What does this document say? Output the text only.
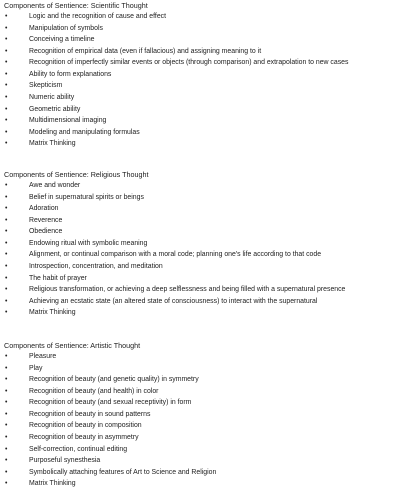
Components of Sentience: Scientific Thought

•	Logic and the recognition of cause and effect
•	Manipulation of symbols
•	Conceiving a timeline
•	Recognition of empirical data (even if fallacious) and assigning meaning to it
•	Recognition of imperfectly similar events or objects (through comparison) and extrapolation to new cases
•	Ability to form explanations
•	Skepticism
•	Numeric ability
•	Geometric ability
•	Multidimensional imaging
•	Modeling and manipulating formulas
•	Matrix Thinking

Components of Sentience: Religious Thought

•	Awe and wonder
•	Belief in supernatural spirits or beings
•	Adoration
•	Reverence
•	Obedience
•	Endowing ritual with symbolic meaning
•	Alignment, or continual comparison with a moral code; planning one's life according to that code
•	Introspection, concentration, and meditation
•	The habit of prayer
•	Religious transformation, or achieving a deep selflessness and being filled with a supernatural presence
•	Achieving an ecstatic state (an altered state of consciousness) to interact with the supernatural
•	Matrix Thinking

Components of Sentience: Artistic Thought

•	Pleasure
•	Play
•	Recognition of beauty (and genetic quality) in symmetry
•	Recognition of beauty (and health) in color
•	Recognition of beauty (and sexual receptivity) in form
•	Recognition of beauty in sound patterns
•	Recognition of beauty in composition
•	Recognition of beauty in asymmetry
•	Self-correction, continual editing
•	Purposeful synesthesia
•	Symbolically attaching features of Art to Science and Religion
•	Matrix Thinking
